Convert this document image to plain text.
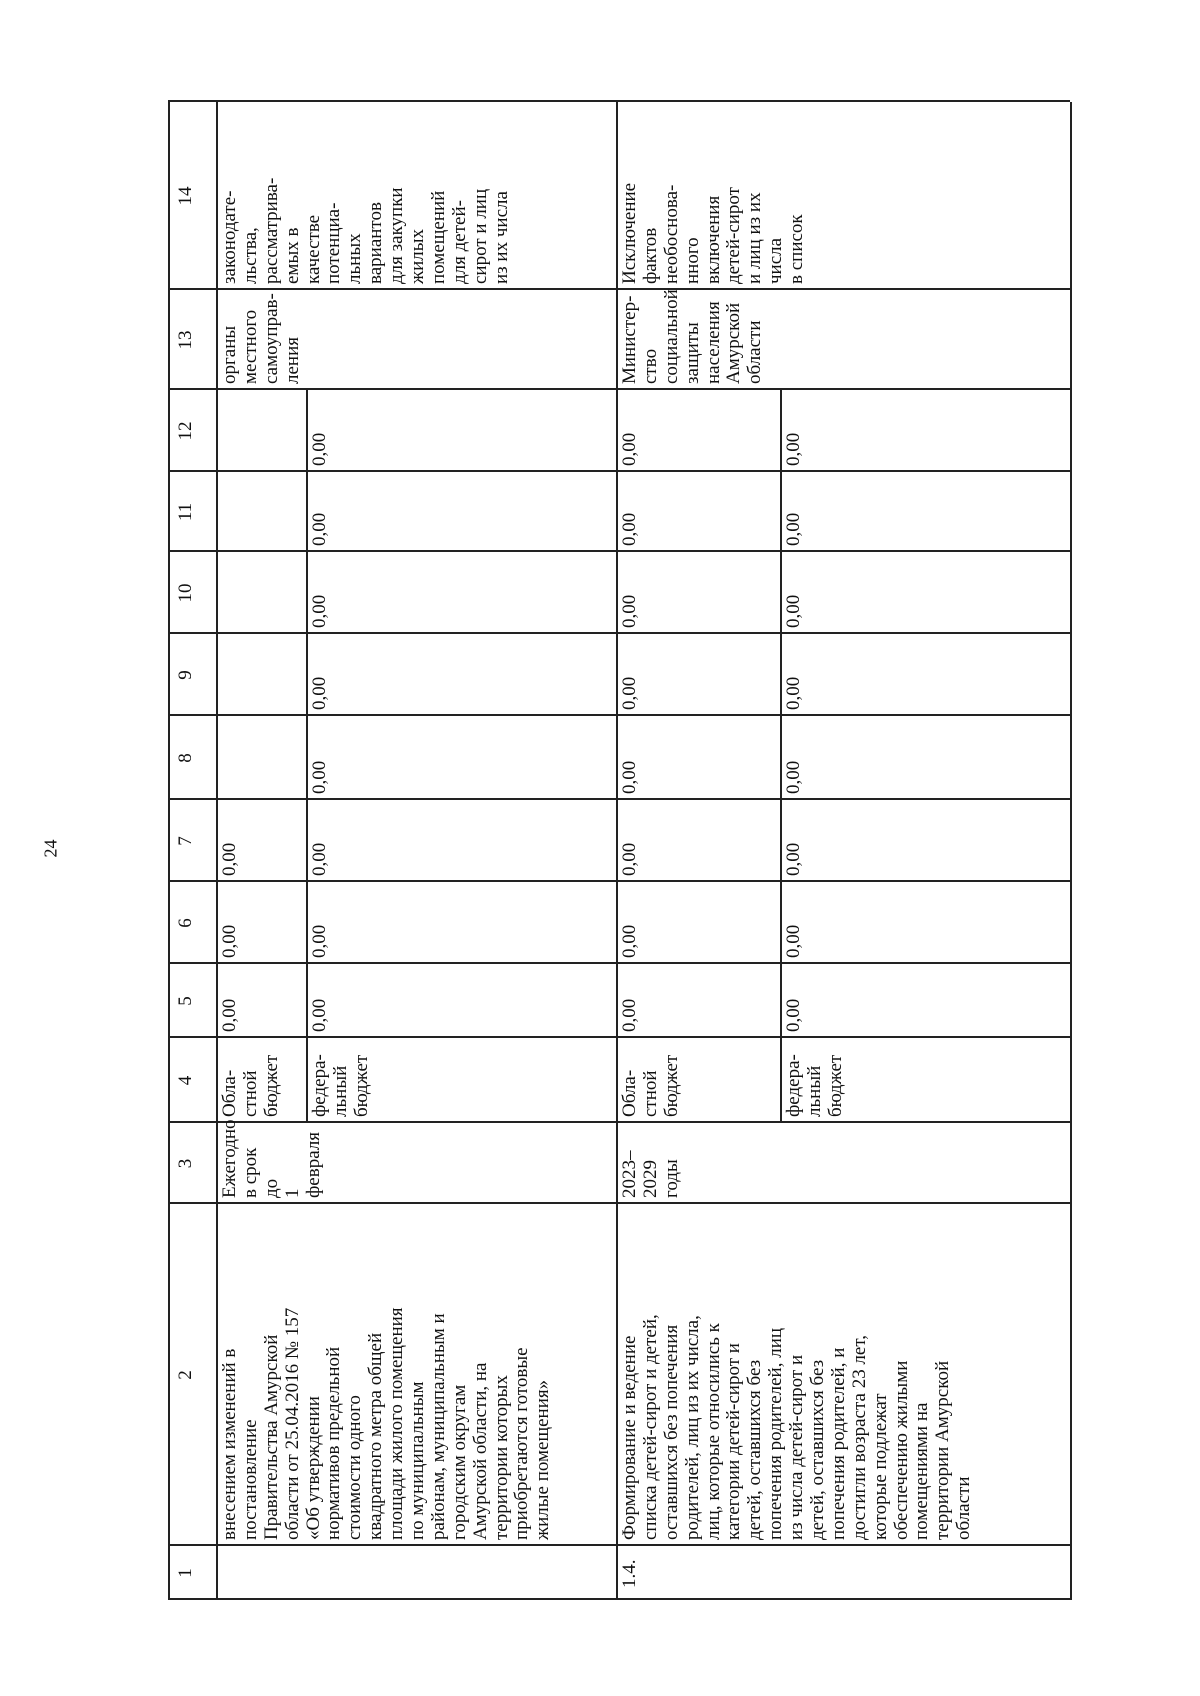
24
1
2
3
4
5
6
7
8
9
10
11
12
13
14
внесением изменений в
постановление
Правительства Амурской
области от 25.04.2016 № 157
«Об утверждении
нормативов предельной
стоимости одного
квадратного метра общей
площади жилого помещения
по муниципальным
районам, муниципальным и
городским округам
Амурской области, на
территории которых
приобретаются готовые
жилые помещения»
Ежегодно
в срок до
1 февраля
Обла-
стной
бюджет
0,00
0,00
0,00
федера-
льный
бюджет
0,00
0,00
0,00
0,00
0,00
0,00
0,00
0,00
органы
местного
самоуправ-
ления
законодате-
льства,
рассматрива-
емых в
качестве
потенциа-
льных
вариантов
для закупки
жилых
помещений
для детей-
сирот и лиц
из их числа
1.4.
Формирование и ведение
списка детей-сирот и детей,
оставшихся без попечения
родителей, лиц из их числа,
лиц, которые относились к
категории детей-сирот и
детей, оставшихся без
попечения родителей, лиц
из числа детей-сирот и
детей, оставшихся без
попечения родителей, и
достигли возраста 23 лет,
которые подлежат
обеспечению жилыми
помещениями на
территории Амурской
области
2023–2029
годы
Обла-
стной
бюджет
0,00
0,00
0,00
0,00
0,00
0,00
0,00
0,00
федера-
льный
бюджет
0,00
0,00
0,00
0,00
0,00
0,00
0,00
0,00
Министер-
ство
социальной
защиты
населения
Амурской
области
Исключение
фактов
необоснова-
нного
включения
детей-сирот
и лиц из их
числа
в список
